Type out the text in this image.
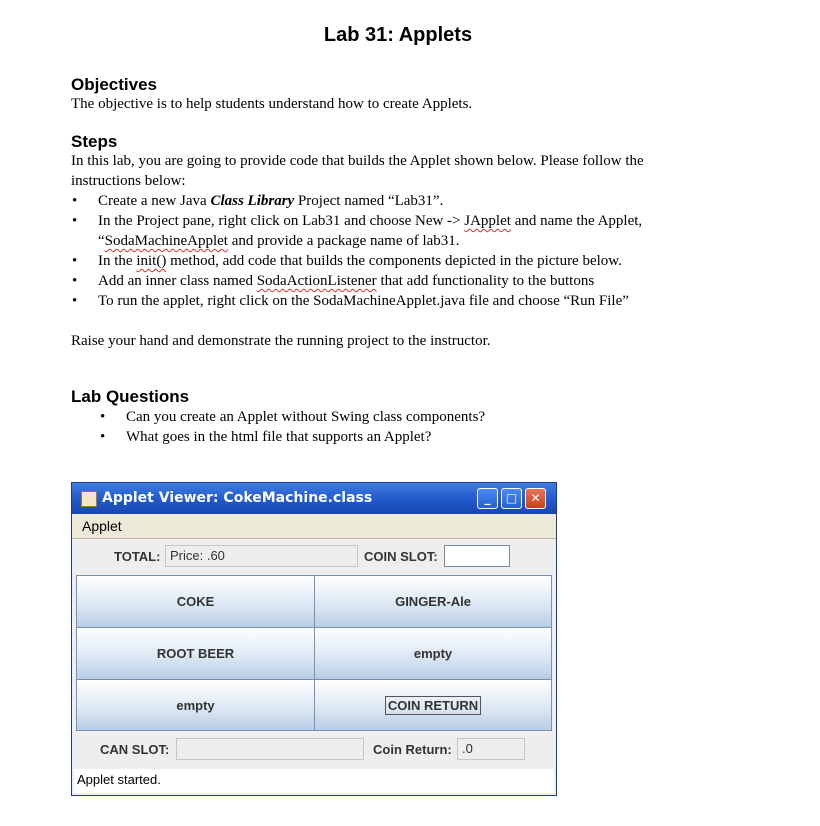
Lab 31: Applets
Objectives
The objective is to help students understand how to create Applets.
Steps
In this lab, you are going to provide code that builds the Applet shown below. Please follow the
instructions below:
• Create a new Java Class Library Project named “Lab31”.
• In the Project pane, right click on Lab31 and choose New -> JApplet and name the Applet,
“SodaMachineApplet and provide a package name of lab31.
• In the init() method, add code that builds the components depicted in the picture below.
• Add an inner class named SodaActionListener that add functionality to the buttons
• To run the applet, right click on the SodaMachineApplet.java file and choose “Run File”
Raise your hand and demonstrate the running project to the instructor.
Lab Questions
• Can you create an Applet without Swing class components?
• What goes in the html file that supports an Applet?
Applet Viewer: CokeMachine.class	_	□	✕
Applet
TOTAL: Price: .60	COIN SLOT:
COKE	GINGER-Ale
ROOT BEER	empty
empty	COIN RETURN
CAN SLOT:	Coin Return: .0
Applet started.
